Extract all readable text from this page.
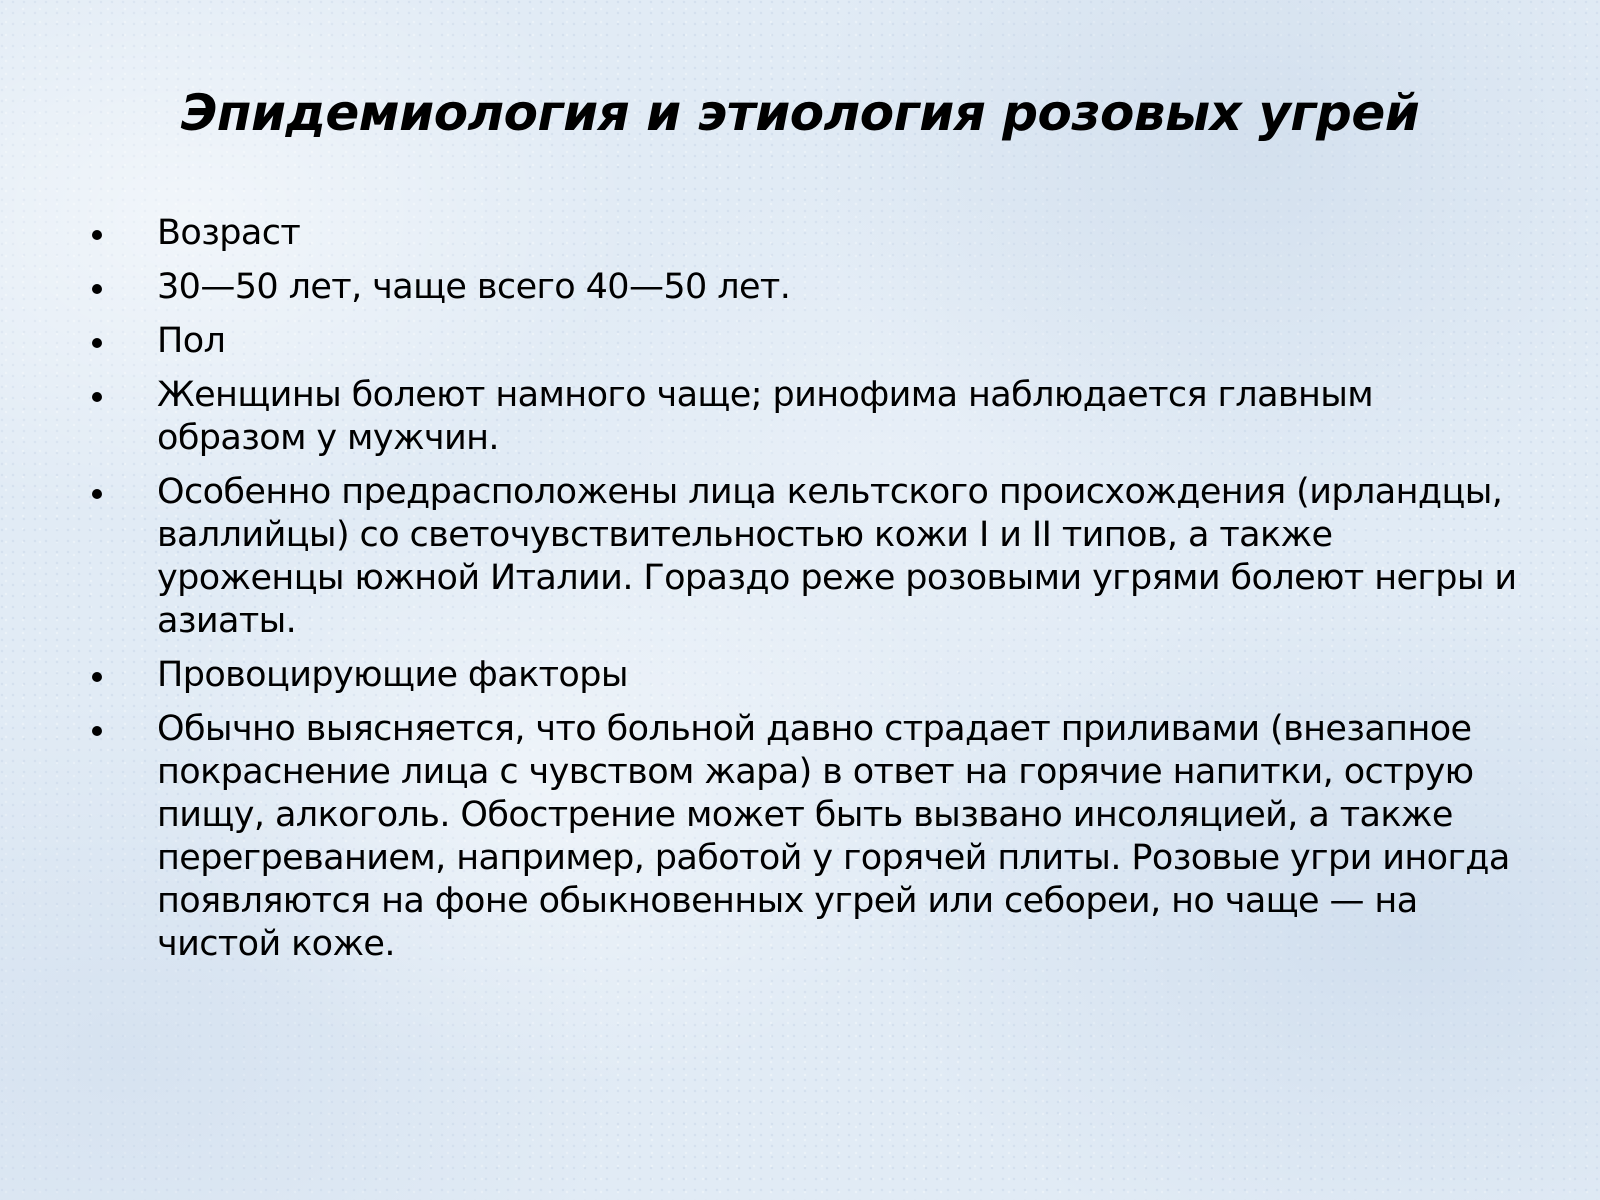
Эпидемиология и этиология розовых угрей
Возраст
30—50 лет, чаще всего 40—50 лет.
Пол
Женщины болеют намного чаще; ринофима наблюдается главным образом у мужчин.
Особенно предрасположены лица кельтского происхождения (ирландцы, валлийцы) со светочувствительностью кожи I и II типов, а также уроженцы южной Италии. Гораздо реже розовыми угрями болеют негры и азиаты.
Провоцирующие факторы
Обычно выясняется, что больной давно страдает приливами (внезапное покраснение лица с чувством жара) в ответ на горячие напитки, острую пищу, алкоголь. Обострение может быть вызвано инсоляцией, а также перегреванием, например, работой у горячей плиты. Розовые угри иногда появляются на фоне обыкновенных угрей или себореи, но чаще — на чистой коже.
